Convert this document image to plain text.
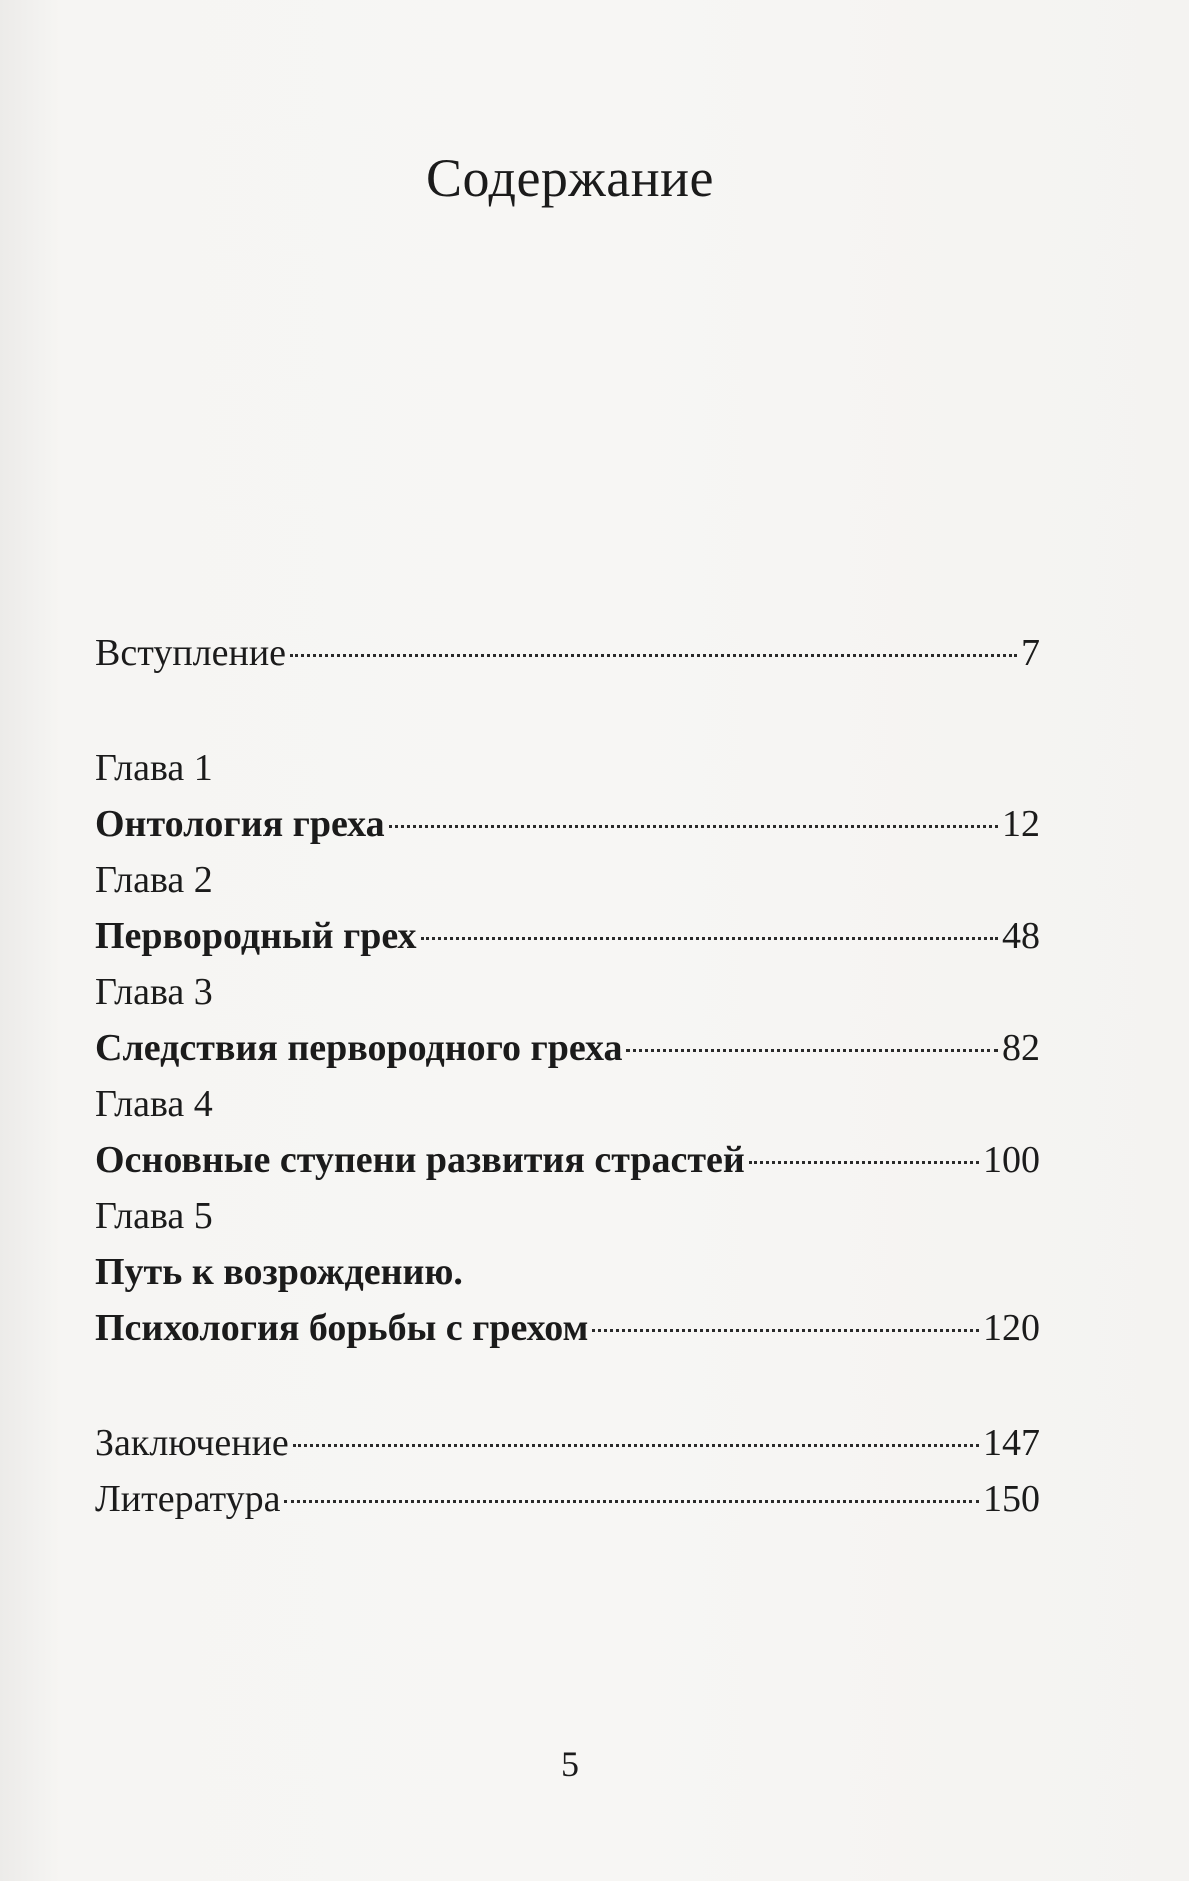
Содержание
Вступление	7
Глава 1
Онтология греха	12
Глава 2
Первородный грех	48
Глава 3
Следствия первородного греха	82
Глава 4
Основные ступени развития страстей	100
Глава 5
Путь к возрождению.
Психология борьбы с грехом	120
Заключение	147
Литература	150
5
